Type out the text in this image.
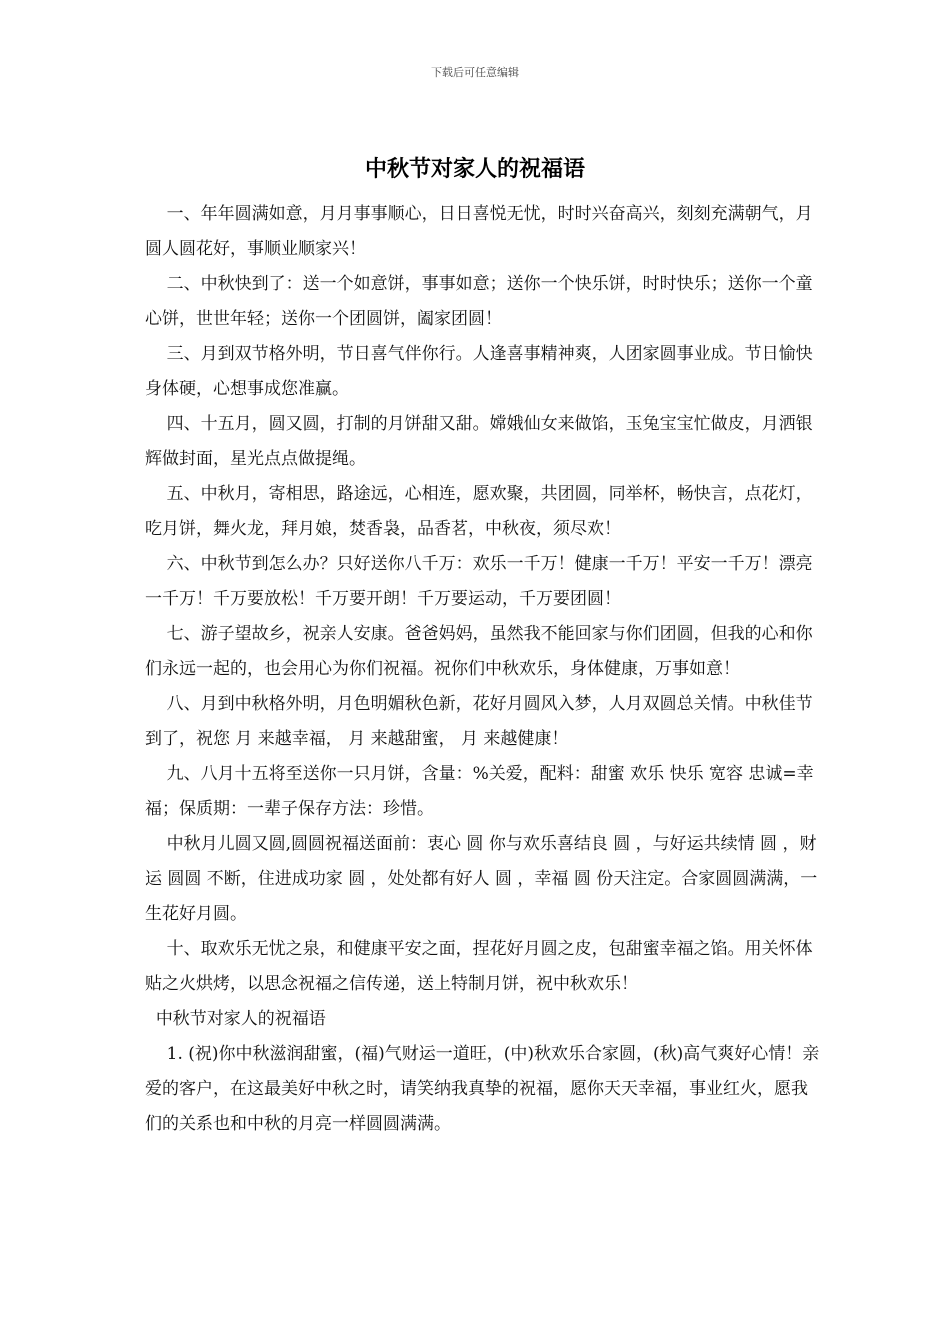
下载后可任意编辑
中秋节对家人的祝福语

一、年年圆满如意，月月事事顺心，日日喜悦无忧，时时兴奋高兴，刻刻充满朝气，月圆人圆花好，事顺业顺家兴！

二、中秋快到了：送一个如意饼，事事如意；送你一个快乐饼，时时快乐；送你一个童心饼，世世年轻；送你一个团圆饼，阖家团圆！

三、月到双节格外明，节日喜气伴你行。人逢喜事精神爽，人团家圆事业成。节日愉快身体硬，心想事成您准赢。

四、十五月，圆又圆，打制的月饼甜又甜。嫦娥仙女来做馅，玉兔宝宝忙做皮，月洒银辉做封面，星光点点做提绳。

五、中秋月，寄相思，路途远，心相连，愿欢聚，共团圆，同举杯，畅快言，点花灯，吃月饼，舞火龙，拜月娘，焚香袅，品香茗，中秋夜，须尽欢！

六、中秋节到怎么办？只好送你八千万：欢乐一千万！健康一千万！平安一千万！漂亮一千万！千万要放松！千万要开朗！千万要运动，千万要团圆！

七、游子望故乡，祝亲人安康。爸爸妈妈，虽然我不能回家与你们团圆，但我的心和你们永远一起的，也会用心为你们祝福。祝你们中秋欢乐，身体健康，万事如意！

八、月到中秋格外明，月色明媚秋色新，花好月圆风入梦，人月双圆总关情。中秋佳节到了，祝您 月 来越幸福， 月 来越甜蜜， 月 来越健康！

九、八月十五将至送你一只月饼，含量：%关爱，配料：甜蜜 欢乐 快乐 宽容 忠诚=幸福；保质期：一辈子保存方法：珍惜。

中秋月儿圆又圆,圆圆祝福送面前：衷心 圆 你与欢乐喜结良 圆 ，与好运共续情 圆 ，财运 圆圆 不断，住进成功家 圆 ，处处都有好人 圆 ，幸福 圆 份天注定。合家圆圆满满，一生花好月圆。

十、取欢乐无忧之泉，和健康平安之面，捏花好月圆之皮，包甜蜜幸福之馅。用关怀体贴之火烘烤，以思念祝福之信传递，送上特制月饼，祝中秋欢乐！

中秋节对家人的祝福语

1. (祝)你中秋滋润甜蜜，(福)气财运一道旺，(中)秋欢乐合家圆，(秋)高气爽好心情！亲爱的客户，在这最美好中秋之时，请笑纳我真挚的祝福，愿你天天幸福，事业红火，愿我们的关系也和中秋的月亮一样圆圆满满。
